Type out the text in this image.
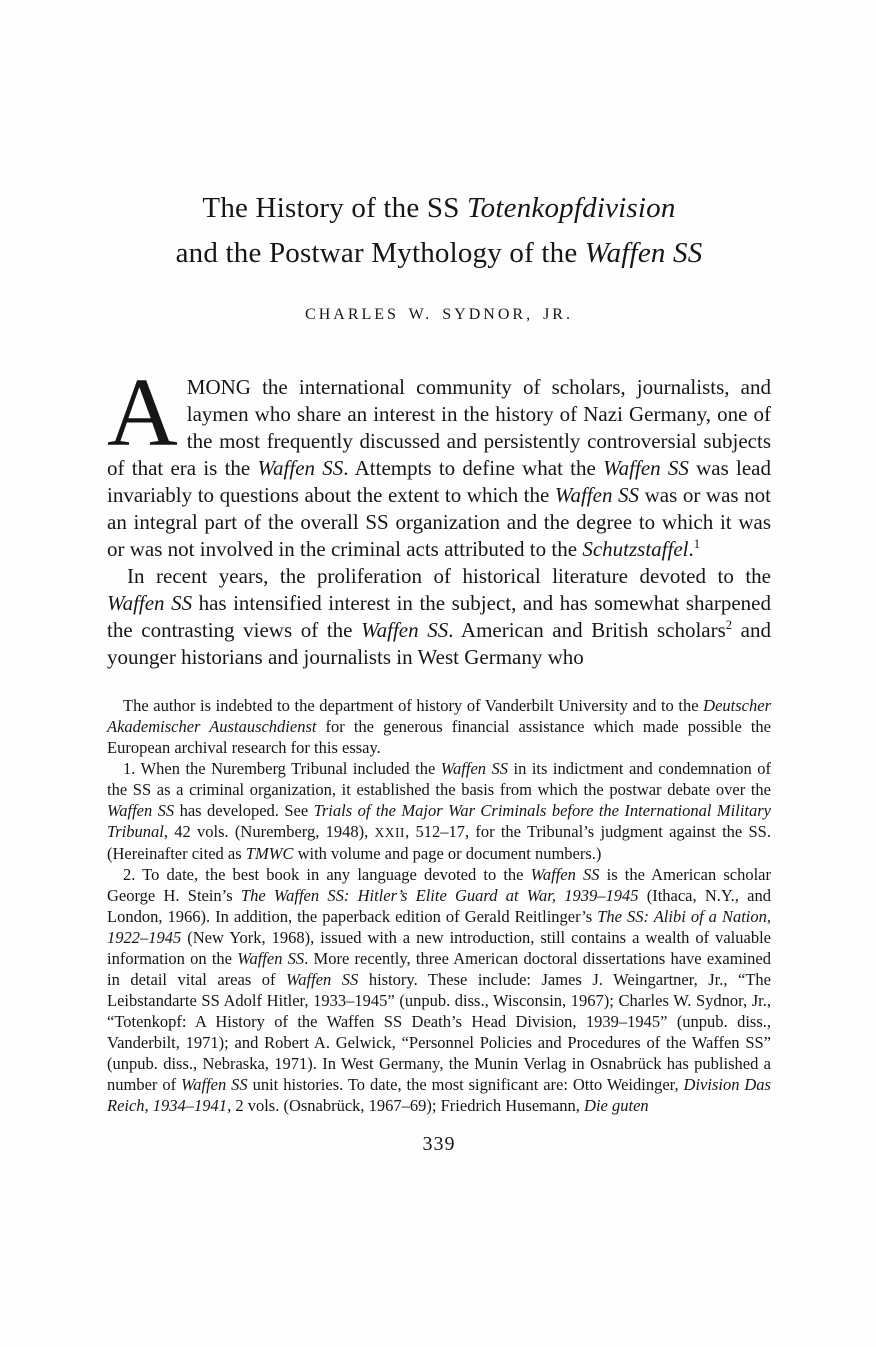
The History of the SS Totenkopfdivision
and the Postwar Mythology of the Waffen SS
CHARLES W. SYDNOR, JR.

AMONG the international community of scholars, journalists, and laymen who share an interest in the history of Nazi Germany, one of the most frequently discussed and persistently controversial subjects of that era is the Waffen SS. Attempts to define what the Waffen SS was lead invariably to questions about the extent to which the Waffen SS was or was not an integral part of the overall SS organization and the degree to which it was or was not involved in the criminal acts attributed to the Schutzstaffel.$^1$

In recent years, the proliferation of historical literature devoted to the Waffen SS has intensified interest in the subject, and has somewhat sharpened the contrasting views of the Waffen SS. American and British scholars$^2$ and younger historians and journalists in West Germany who

The author is indebted to the department of history of Vanderbilt University and to the Deutscher Akademischer Austauschdienst for the generous financial assistance which made possible the European archival research for this essay.

1. When the Nuremberg Tribunal included the Waffen SS in its indictment and condemnation of the SS as a criminal organization, it established the basis from which the postwar debate over the Waffen SS has developed. See Trials of the Major War Criminals before the International Military Tribunal, 42 vols. (Nuremberg, 1948), XXII, 512–17, for the Tribunal’s judgment against the SS. (Hereinafter cited as TMWC with volume and page or document numbers.)

2. To date, the best book in any language devoted to the Waffen SS is the American scholar George H. Stein’s The Waffen SS: Hitler’s Elite Guard at War, 1939–1945 (Ithaca, N.Y., and London, 1966). In addition, the paperback edition of Gerald Reitlinger’s The SS: Alibi of a Nation, 1922–1945 (New York, 1968), issued with a new introduction, still contains a wealth of valuable information on the Waffen SS. More recently, three American doctoral dissertations have examined in detail vital areas of Waffen SS history. These include: James J. Weingartner, Jr., “The Leibstandarte SS Adolf Hitler, 1933–1945” (unpub. diss., Wisconsin, 1967); Charles W. Sydnor, Jr., “Totenkopf: A History of the Waffen SS Death’s Head Division, 1939–1945” (unpub. diss., Vanderbilt, 1971); and Robert A. Gelwick, “Personnel Policies and Procedures of the Waffen SS” (unpub. diss., Nebraska, 1971). In West Germany, the Munin Verlag in Osnabrück has published a number of Waffen SS unit histories. To date, the most significant are: Otto Weidinger, Division Das Reich, 1934–1941, 2 vols. (Osnabrück, 1967–69); Friedrich Husemann, Die guten

339
